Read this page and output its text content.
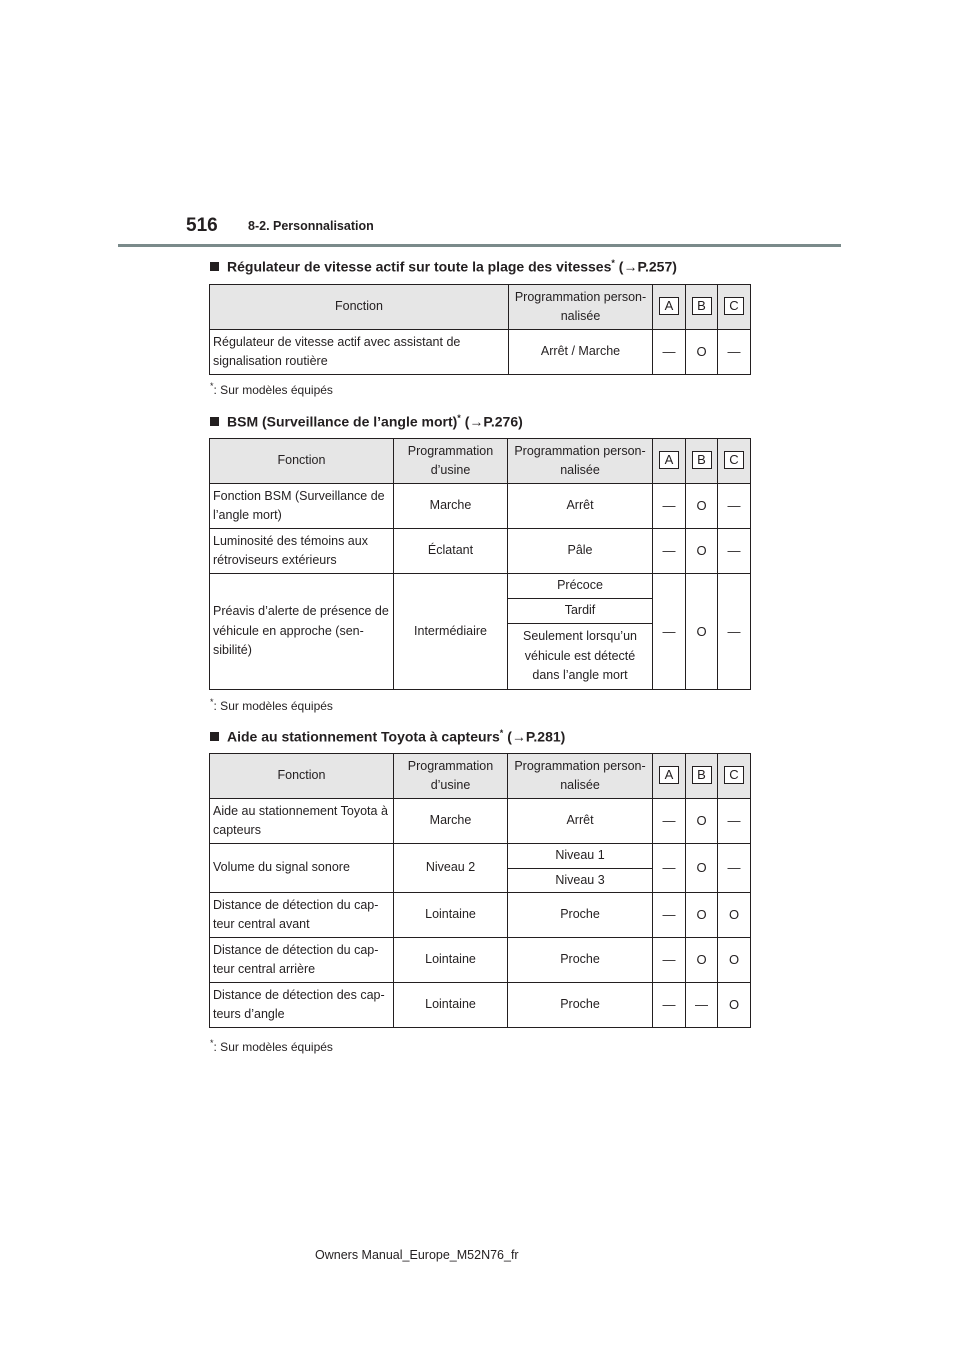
516 8-2. Personnalisation
Régulateur de vitesse actif sur toute la plage des vitesses* (→P.257)
Fonction	Programmation person-nalisée	A	B	C
Régulateur de vitesse actif avec assistant de signalisation routière	Arrêt / Marche	—	O	—
*: Sur modèles équipés
BSM (Surveillance de l’angle mort)* (→P.276)
Fonction	Programmation d’usine	Programmation person-nalisée	A	B	C
Fonction BSM (Surveillance de l’angle mort)	Marche	Arrêt	—	O	—
Luminosité des témoins aux rétroviseurs extérieurs	Éclatant	Pâle	—	O	—
Préavis d’alerte de présence de véhicule en approche (sen-sibilité)	Intermédiaire	Précoce	—	O	—
		Tardif			
		Seulement lorsqu’un véhicule est détecté dans l’angle mort			
*: Sur modèles équipés
Aide au stationnement Toyota à capteurs* (→P.281)
Fonction	Programmation d’usine	Programmation person-nalisée	A	B	C
Aide au stationnement Toyota à capteurs	Marche	Arrêt	—	O	—
Volume du signal sonore	Niveau 2	Niveau 1	—	O	—
		Niveau 3			
Distance de détection du cap-teur central avant	Lointaine	Proche	—	O	O
Distance de détection du cap-teur central arrière	Lointaine	Proche	—	O	O
Distance de détection des cap-teurs d’angle	Lointaine	Proche	—	—	O
*: Sur modèles équipés
Owners Manual_Europe_M52N76_fr
